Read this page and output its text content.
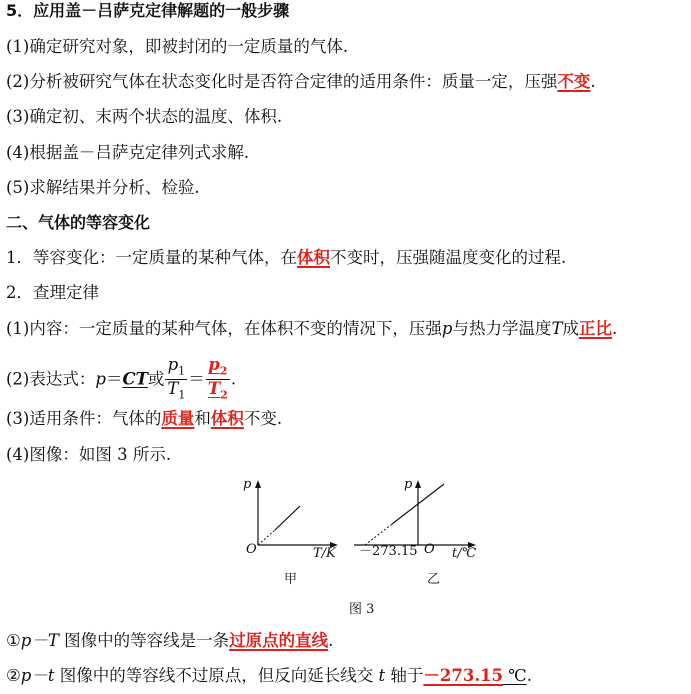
5．应用盖－吕萨克定律解题的一般步骤
(1)确定研究对象，即被封闭的一定质量的气体.
(2)分析被研究气体在状态变化时是否符合定律的适用条件：质量一定，压强不变.
(3)确定初、末两个状态的温度、体积.
(4)根据盖－吕萨克定律列式求解.
(5)求解结果并分析、检验.
二、气体的等容变化
1．等容变化：一定质量的某种气体，在体积不变时，压强随温度变化的过程.
2．查理定律
(1)内容：一定质量的某种气体，在体积不变的情况下，压强p与热力学温度T成正比.
(2)表达式：p＝CT或 $\frac{p_1}{T_1} = \frac{p_2}{T_2}$ .
(3)适用条件：气体的质量和体积不变.
(4)图像：如图 3 所示.
p
O	T/K
甲
p
－273.15 O t/℃
乙
图 3
①p－T 图像中的等容线是一条过原点的直线.
②p－t 图像中的等容线不过原点，但反向延长线交 t 轴于－273.15 ℃.
